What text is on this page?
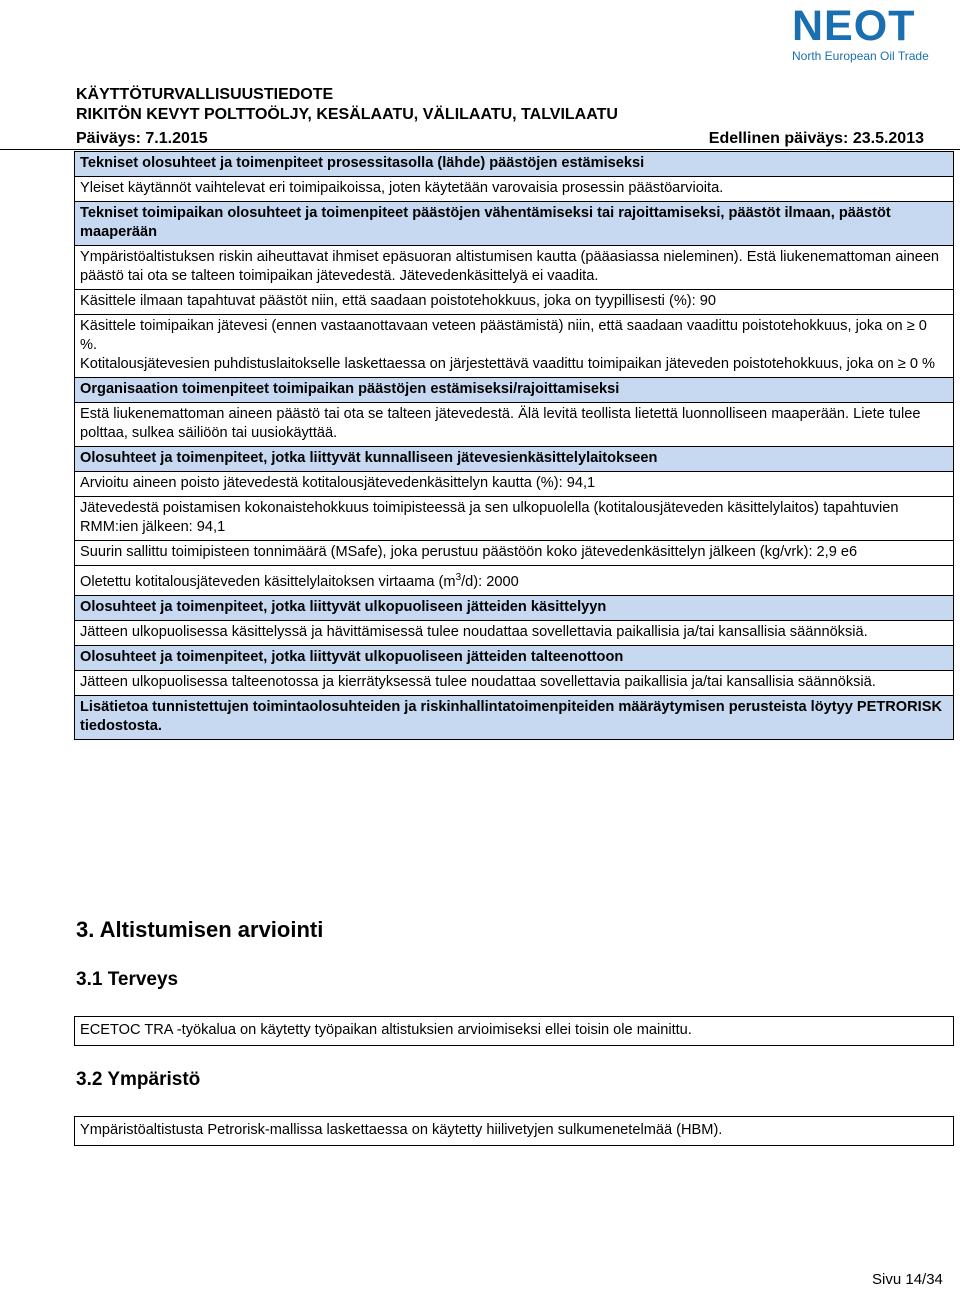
NEOT
North European Oil Trade
KÄYTTÖTURVALLISUUSTIEDOTE
RIKITÖN KEVYT POLTTOÖLJY, KESÄLAATU, VÄLILAATU, TALVILAATU
Päiväys: 7.1.2015	Edellinen päiväys: 23.5.2013
Tekniset olosuhteet ja toimenpiteet prosessitasolla (lähde) päästöjen estämiseksi
Yleiset käytännöt vaihtelevat eri toimipaikoissa, joten käytetään varovaisia prosessin päästöarvioita.
Tekniset toimipaikan olosuhteet ja toimenpiteet päästöjen vähentämiseksi tai rajoittamiseksi, päästöt ilmaan, päästöt maaperään
Ympäristöaltistuksen riskin aiheuttavat ihmiset epäsuoran altistumisen kautta (pääasiassa nieleminen). Estä liukenemattoman aineen päästö tai ota se talteen toimipaikan jätevedestä. Jätevedenkäsittelyä ei vaadita.
Käsittele ilmaan tapahtuvat päästöt niin, että saadaan poistotehokkuus, joka on tyypillisesti (%): 90

Käsittele toimipaikan jätevesi (ennen vastaanottavaan veteen päästämistä) niin, että saadaan vaadittu poistotehokkuus, joka on ≥ 0 %.

Kotitalousjätevesien puhdistuslaitokselle laskettaessa on järjestettävä vaadittu toimipaikan jäteveden poistotehokkuus, joka on ≥ 0 %

Organisaation toimenpiteet toimipaikan päästöjen estämiseksi/rajoittamiseksi
Estä liukenemattoman aineen päästö tai ota se talteen jätevedestä. Älä levitä teollista lietettä luonnolliseen maaperään. Liete tulee polttaa, sulkea säiliöön tai uusiokäyttää.
Olosuhteet ja toimenpiteet, jotka liittyvät kunnalliseen jätevesienkäsittelylaitokseen
Arvioitu aineen poisto jätevedestä kotitalousjätevedenkäsittelyn kautta (%): 94,1
Jätevedestä poistamisen kokonaistehokkuus toimipisteessä ja sen ulkopuolella (kotitalousjäteveden käsittelylaitos) tapahtuvien RMM:ien jälkeen: 94,1
Suurin sallittu toimipisteen tonnimäärä (MSafe), joka perustuu päästöön koko jätevedenkäsittelyn jälkeen (kg/vrk): 2,9 e6
Oletettu kotitalousjäteveden käsittelylaitoksen virtaama $(m^3/d)$: 2000
Olosuhteet ja toimenpiteet, jotka liittyvät ulkopuoliseen jätteiden käsittelyyn
Jätteen ulkopuolisessa käsittelyssä ja hävittämisessä tulee noudattaa sovellettavia paikallisia ja/tai kansallisia säännöksiä.
Olosuhteet ja toimenpiteet, jotka liittyvät ulkopuoliseen jätteiden talteenottoon
Jätteen ulkopuolisessa talteenotossa ja kierrätyksessä tulee noudattaa sovellettavia paikallisia ja/tai kansallisia säännöksiä.
Lisätietoa tunnistettujen toimintaolosuhteiden ja riskinhallintatoimenpiteiden määräytymisen perusteista löytyy PETRORISK tiedostosta.
3. Altistumisen arviointi
3.1 Terveys
ECETOC TRA -työkalua on käytetty työpaikan altistuksien arvioimiseksi ellei toisin ole mainittu.
3.2 Ympäristö
Ympäristöaltistusta Petrorisk-mallissa laskettaessa on käytetty hiilivetyjen sulkumenetelmää (HBM).
Sivu 14/34
